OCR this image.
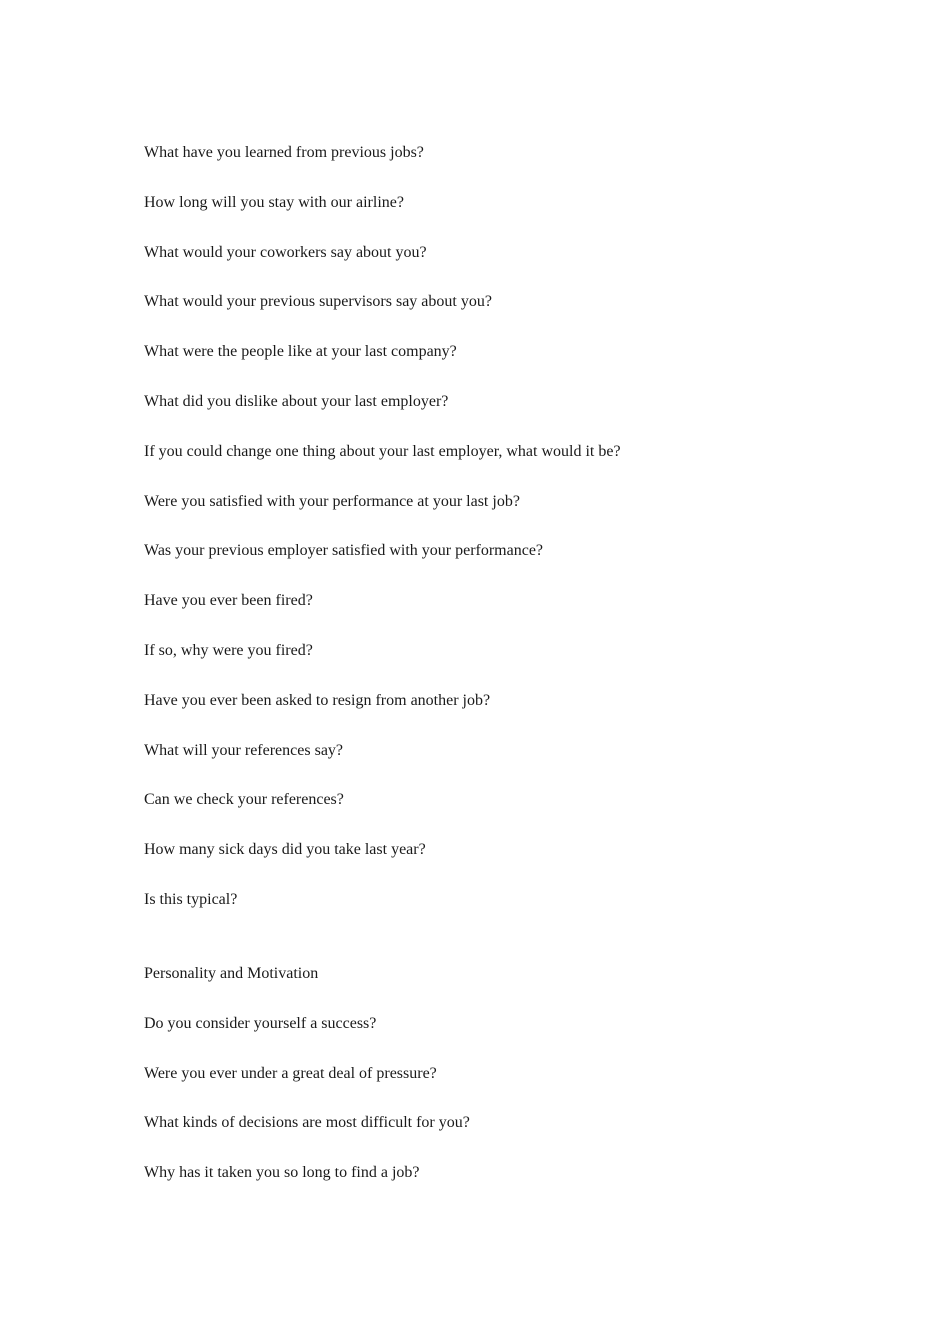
What have you learned from previous jobs?

How long will you stay with our airline?

What would your coworkers say about you?

What would your previous supervisors say about you?

What were the people like at your last company?

What did you dislike about your last employer?

If you could change one thing about your last employer, what would it be?

Were you satisfied with your performance at your last job?

Was your previous employer satisfied with your performance?

Have you ever been fired?

If so, why were you fired?

Have you ever been asked to resign from another job?

What will your references say?

Can we check your references?

How many sick days did you take last year?

Is this typical?

Personality and Motivation

Do you consider yourself a success?

Were you ever under a great deal of pressure?

What kinds of decisions are most difficult for you?

Why has it taken you so long to find a job?
